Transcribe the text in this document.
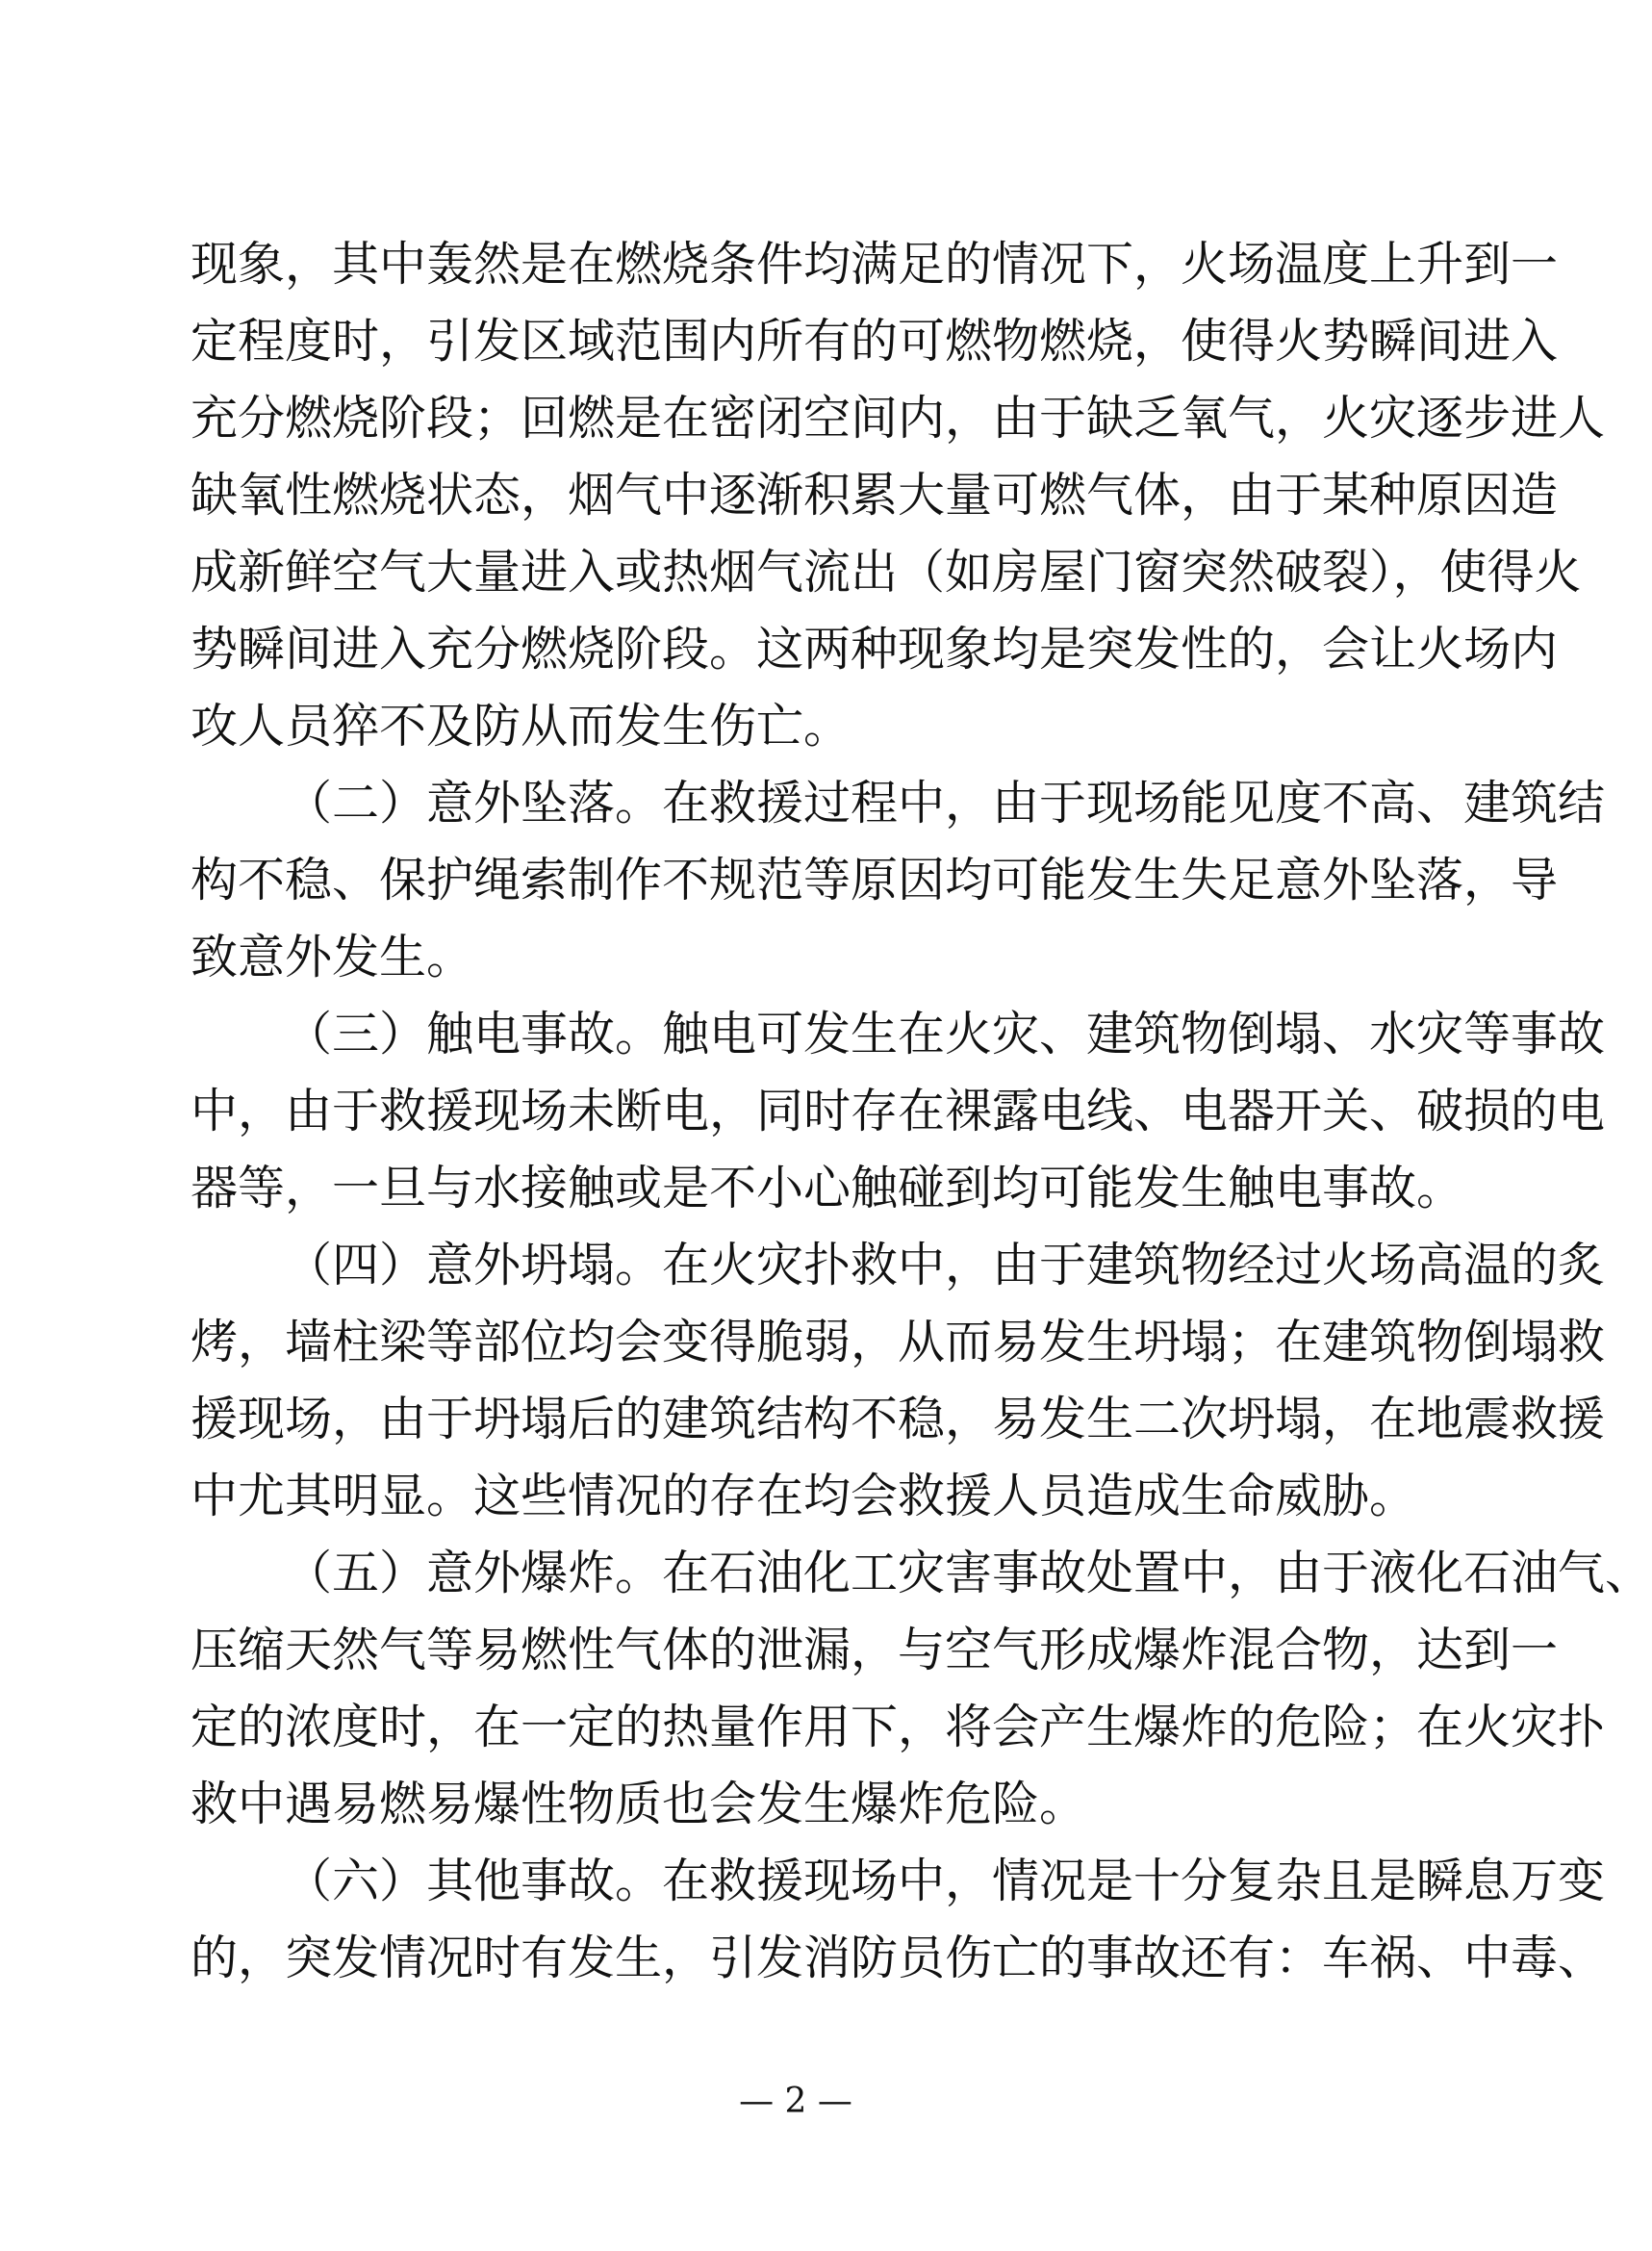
现象，其中轰然是在燃烧条件均满足的情况下，火场温度上升到一
定程度时，引发区域范围内所有的可燃物燃烧，使得火势瞬间进入
充分燃烧阶段；回燃是在密闭空间内，由于缺乏氧气，火灾逐步进人
缺氧性燃烧状态，烟气中逐渐积累大量可燃气体，由于某种原因造
成新鲜空气大量进入或热烟气流出（如房屋门窗突然破裂），使得火
势瞬间进入充分燃烧阶段。这两种现象均是突发性的，会让火场内
攻人员猝不及防从而发生伤亡。
（二）意外坠落。在救援过程中，由于现场能见度不高、建筑结
构不稳、保护绳索制作不规范等原因均可能发生失足意外坠落，导
致意外发生。
（三）触电事故。触电可发生在火灾、建筑物倒塌、水灾等事故
中，由于救援现场未断电，同时存在裸露电线、电器开关、破损的电
器等，一旦与水接触或是不小心触碰到均可能发生触电事故。
（四）意外坍塌。在火灾扑救中，由于建筑物经过火场高温的炙
烤，墙柱梁等部位均会变得脆弱，从而易发生坍塌；在建筑物倒塌救
援现场，由于坍塌后的建筑结构不稳，易发生二次坍塌，在地震救援
中尤其明显。这些情况的存在均会救援人员造成生命威胁。
（五）意外爆炸。在石油化工灾害事故处置中，由于液化石油气、
压缩天然气等易燃性气体的泄漏，与空气形成爆炸混合物，达到一
定的浓度时，在一定的热量作用下，将会产生爆炸的危险；在火灾扑
救中遇易燃易爆性物质也会发生爆炸危险。
（六）其他事故。在救援现场中，情况是十分复杂且是瞬息万变
的，突发情况时有发生，引发消防员伤亡的事故还有：车祸、中毒、
— 2 —
